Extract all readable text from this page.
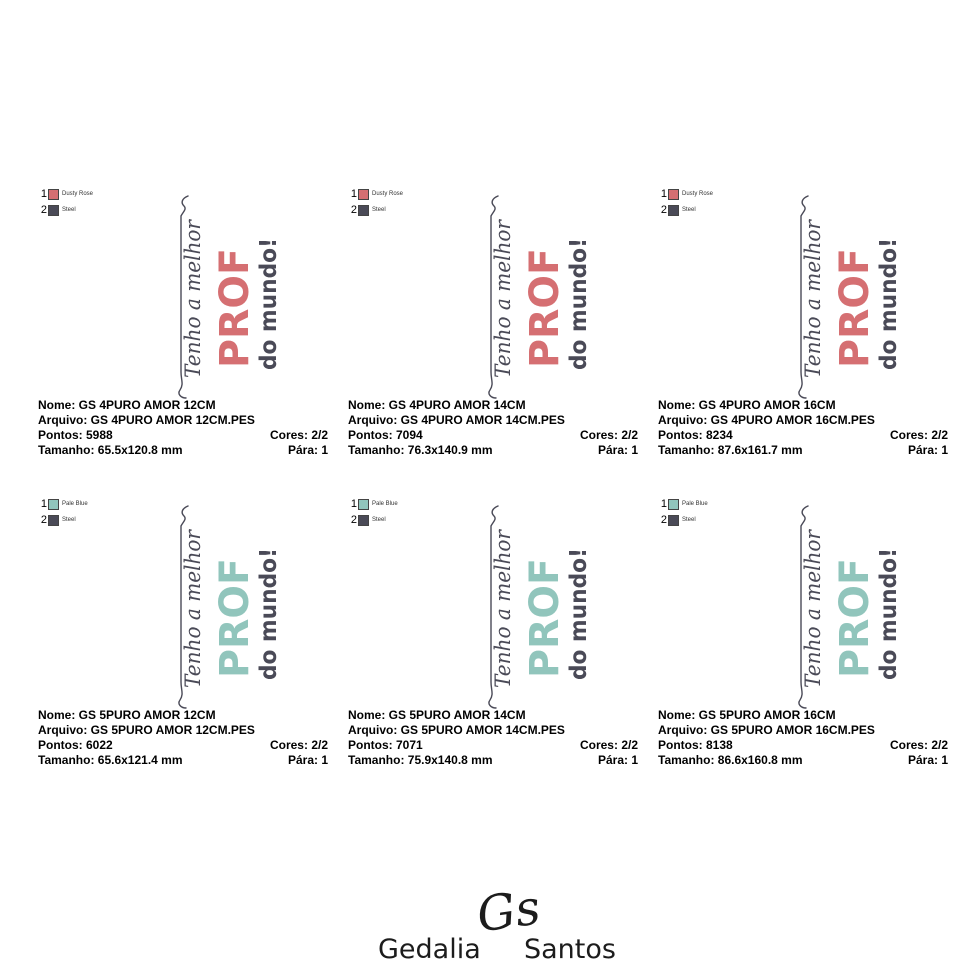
1	Dusty Rose
2	Steel
Tenho a melhor PROF
do mundo!
Nome: GS 4PURO AMOR 12CM
Arquivo: GS 4PURO AMOR 12CM.PES
Pontos: 5988	Cores: 2/2
Tamanho: 65.5x120.8 mm	Pára: 1
1	Dusty Rose
2	Steel
Tenho a melhor PROF
do mundo!
Nome: GS 4PURO AMOR 14CM
Arquivo: GS 4PURO AMOR 14CM.PES
Pontos: 7094	Cores: 2/2
Tamanho: 76.3x140.9 mm	Pára: 1
1	Dusty Rose
2	Steel
Tenho a melhor PROF
do mundo!
Nome: GS 4PURO AMOR 16CM
Arquivo: GS 4PURO AMOR 16CM.PES
Pontos: 8234	Cores: 2/2
Tamanho: 87.6x161.7 mm	Pára: 1
1	Pale Blue
2	Steel
Tenho a melhor PROF
do mundo!
Nome: GS 5PURO AMOR 12CM
Arquivo: GS 5PURO AMOR 12CM.PES
Pontos: 6022	Cores: 2/2
Tamanho: 65.6x121.4 mm	Pára: 1
1	Pale Blue
2	Steel
Tenho a melhor PROF
do mundo!
Nome: GS 5PURO AMOR 14CM
Arquivo: GS 5PURO AMOR 14CM.PES
Pontos: 7071	Cores: 2/2
Tamanho: 75.9x140.8 mm	Pára: 1
1	Pale Blue
2	Steel
Tenho a melhor PROF
do mundo!
Nome: GS 5PURO AMOR 16CM
Arquivo: GS 5PURO AMOR 16CM.PES
Pontos: 8138	Cores: 2/2
Tamanho: 86.6x160.8 mm	Pára: 1
Gs
Gedalia Santos
